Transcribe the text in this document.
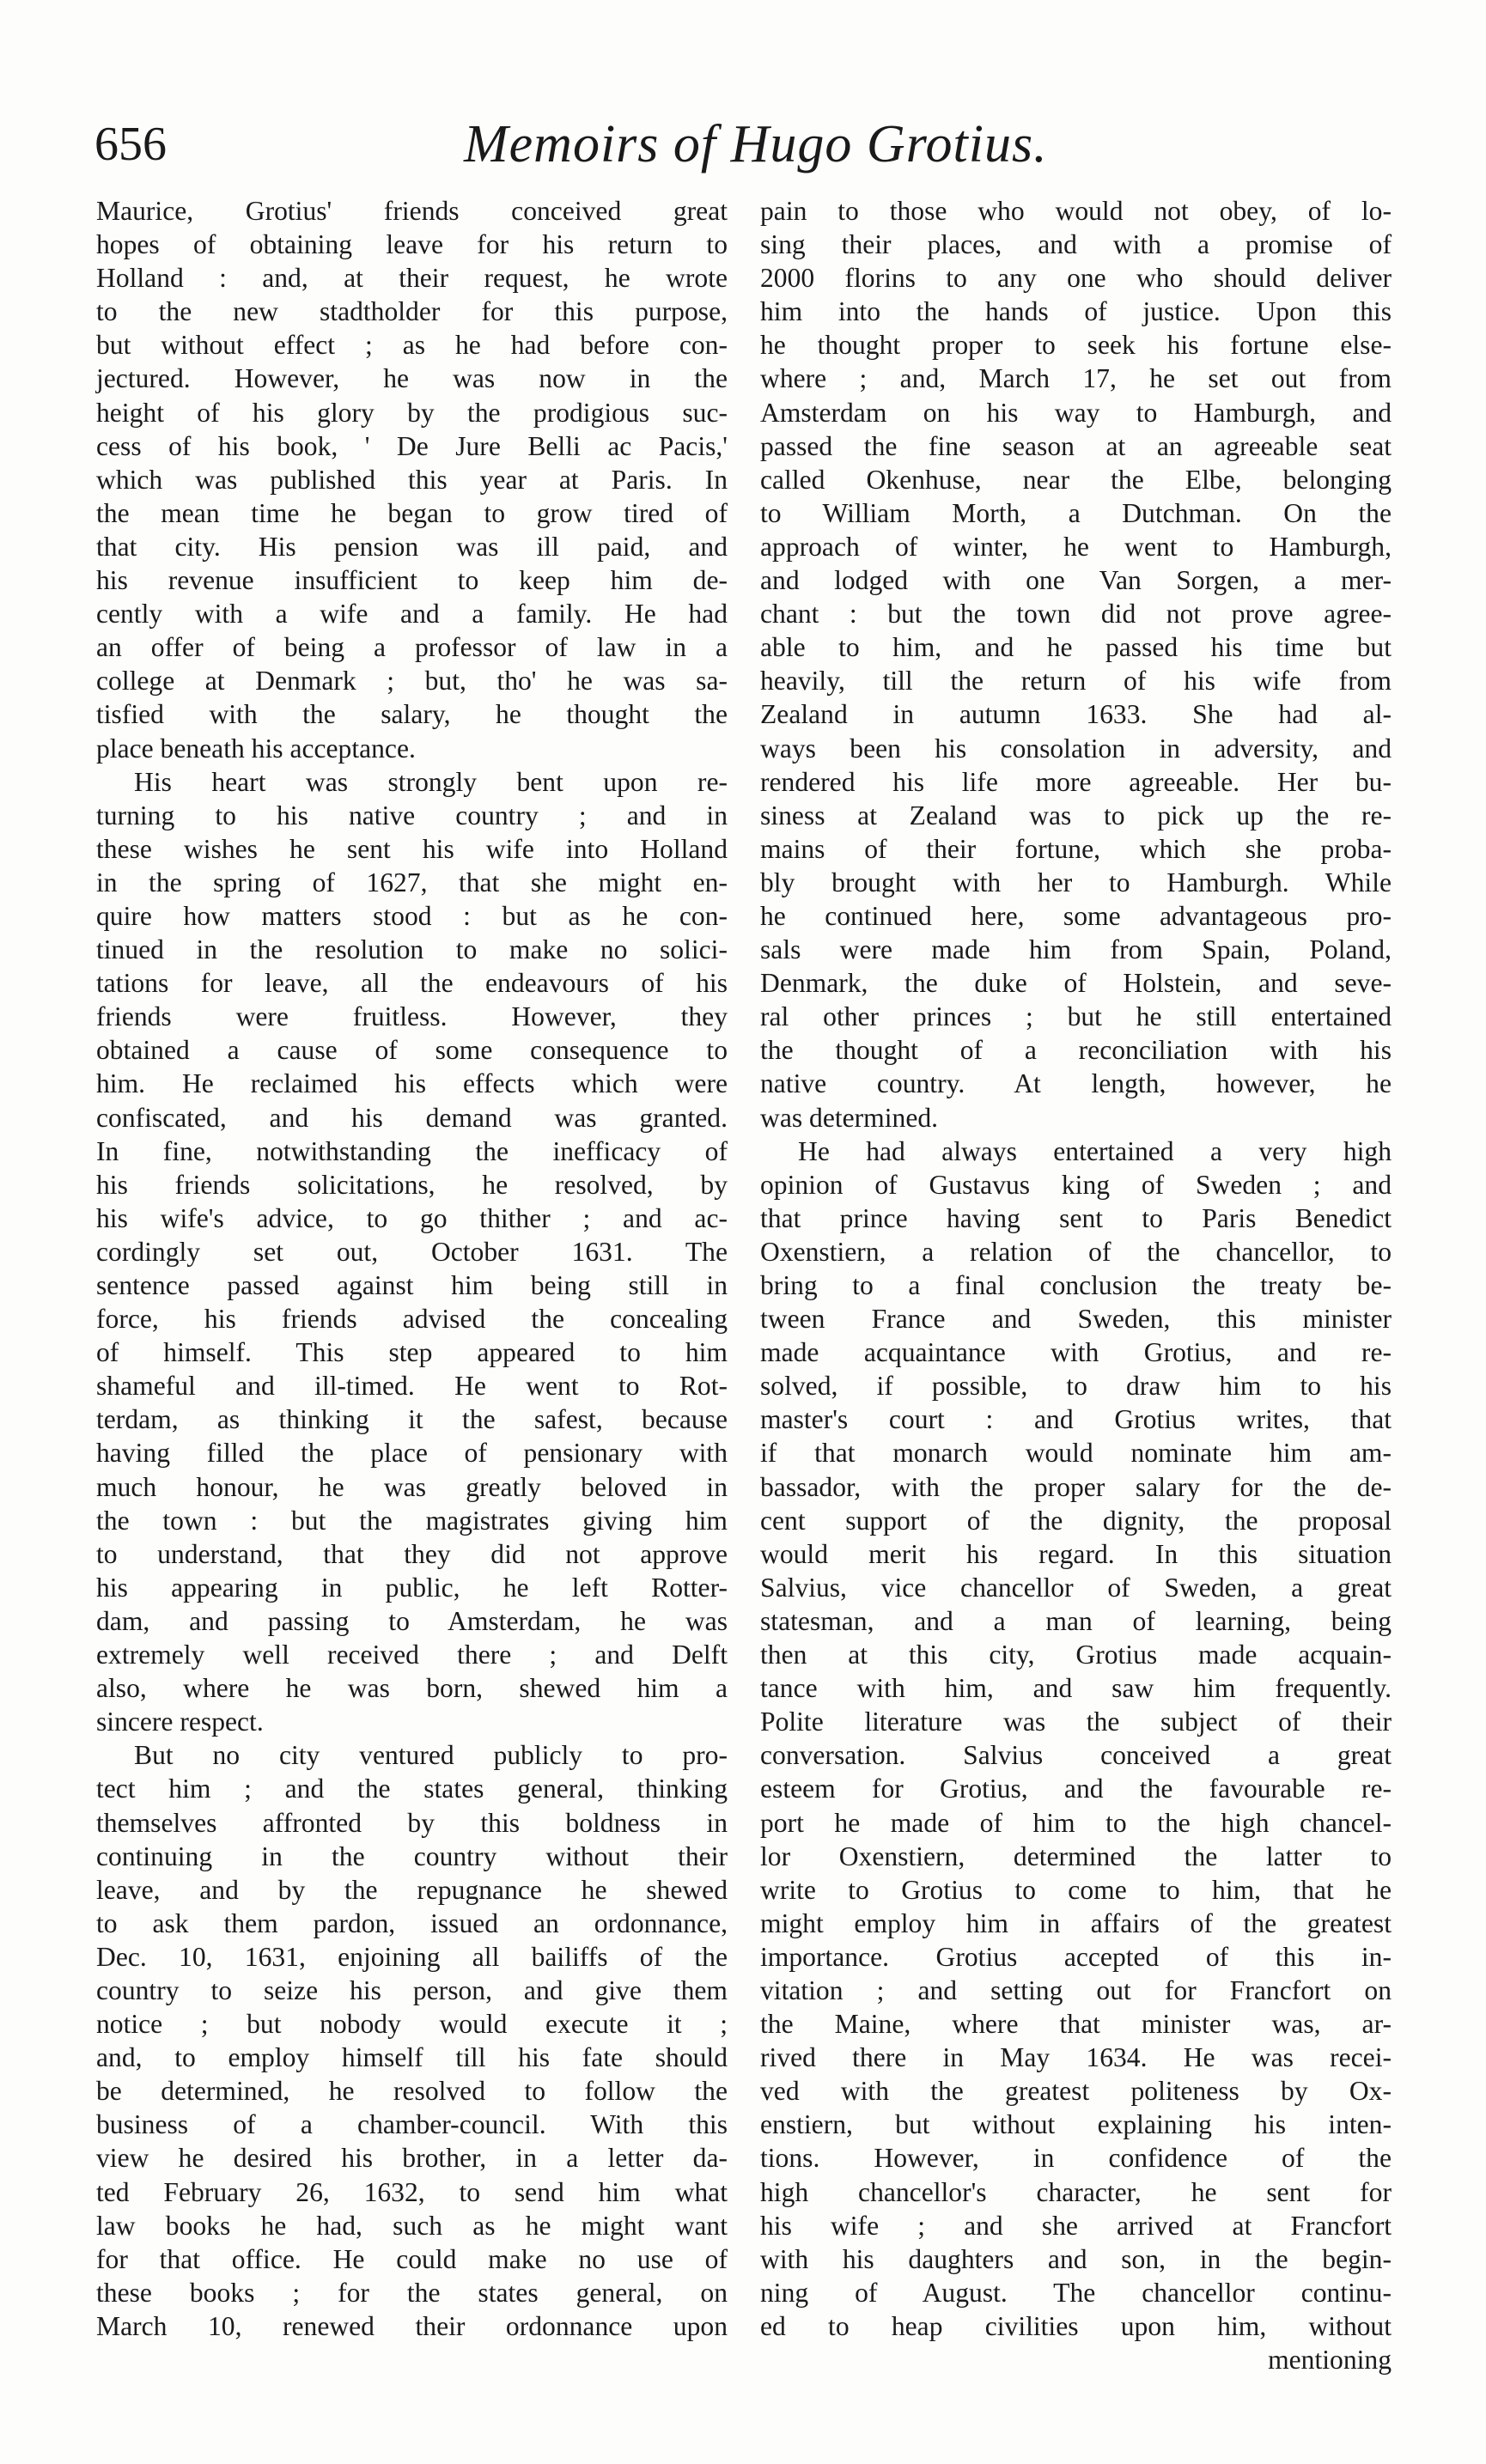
656	Memoirs of Hugo Grotius.
Maurice, Grotius' friends conceived great
hopes of obtaining leave for his return to
Holland : and, at their request, he wrote
to the new stadtholder for this purpose,
but without effect ; as he had before con-
jectured. However, he was now in the
height of his glory by the prodigious suc-
cess of his book, ' De Jure Belli ac Pacis,'
which was published this year at Paris. In
the mean time he began to grow tired of
that city. His pension was ill paid, and
his revenue insufficient to keep him de-
cently with a wife and a family. He had
an offer of being a professor of law in a
college at Denmark ; but, tho' he was sa-
tisfied with the salary, he thought the
place beneath his acceptance.
His heart was strongly bent upon re-
turning to his native country ; and in
these wishes he sent his wife into Holland
in the spring of 1627, that she might en-
quire how matters stood : but as he con-
tinued in the resolution to make no solici-
tations for leave, all the endeavours of his
friends were fruitless. However, they
obtained a cause of some consequence to
him. He reclaimed his effects which were
confiscated, and his demand was granted.
In fine, notwithstanding the inefficacy of
his friends solicitations, he resolved, by
his wife's advice, to go thither ; and ac-
cordingly set out, October 1631. The
sentence passed against him being still in
force, his friends advised the concealing
of himself. This step appeared to him
shameful and ill-timed. He went to Rot-
terdam, as thinking it the safest, because
having filled the place of pensionary with
much honour, he was greatly beloved in
the town : but the magistrates giving him
to understand, that they did not approve
his appearing in public, he left Rotter-
dam, and passing to Amsterdam, he was
extremely well received there ; and Delft
also, where he was born, shewed him a
sincere respect.
But no city ventured publicly to pro-
tect him ; and the states general, thinking
themselves affronted by this boldness in
continuing in the country without their
leave, and by the repugnance he shewed
to ask them pardon, issued an ordonnance,
Dec. 10, 1631, enjoining all bailiffs of the
country to seize his person, and give them
notice ; but nobody would execute it ;
and, to employ himself till his fate should
be determined, he resolved to follow the
business of a chamber-council. With this
view he desired his brother, in a letter da-
ted February 26, 1632, to send him what
law books he had, such as he might want
for that office. He could make no use of
these books ; for the states general, on
March 10, renewed their ordonnance upon
pain to those who would not obey, of lo-
sing their places, and with a promise of
2000 florins to any one who should deliver
him into the hands of justice. Upon this
he thought proper to seek his fortune else-
where ; and, March 17, he set out from
Amsterdam on his way to Hamburgh, and
passed the fine season at an agreeable seat
called Okenhuse, near the Elbe, belonging
to William Morth, a Dutchman. On the
approach of winter, he went to Hamburgh,
and lodged with one Van Sorgen, a mer-
chant : but the town did not prove agree-
able to him, and he passed his time but
heavily, till the return of his wife from
Zealand in autumn 1633. She had al-
ways been his consolation in adversity, and
rendered his life more agreeable. Her bu-
siness at Zealand was to pick up the re-
mains of their fortune, which she proba-
bly brought with her to Hamburgh. While
he continued here, some advantageous pro-
sals were made him from Spain, Poland,
Denmark, the duke of Holstein, and seve-
ral other princes ; but he still entertained
the thought of a reconciliation with his
native country. At length, however, he
was determined.
He had always entertained a very high
opinion of Gustavus king of Sweden ; and
that prince having sent to Paris Benedict
Oxenstiern, a relation of the chancellor, to
bring to a final conclusion the treaty be-
tween France and Sweden, this minister
made acquaintance with Grotius, and re-
solved, if possible, to draw him to his
master's court : and Grotius writes, that
if that monarch would nominate him am-
bassador, with the proper salary for the de-
cent support of the dignity, the proposal
would merit his regard. In this situation
Salvius, vice chancellor of Sweden, a great
statesman, and a man of learning, being
then at this city, Grotius made acquain-
tance with him, and saw him frequently.
Polite literature was the subject of their
conversation. Salvius conceived a great
esteem for Grotius, and the favourable re-
port he made of him to the high chancel-
lor Oxenstiern, determined the latter to
write to Grotius to come to him, that he
might employ him in affairs of the greatest
importance. Grotius accepted of this in-
vitation ; and setting out for Francfort on
the Maine, where that minister was, ar-
rived there in May 1634. He was recei-
ved with the greatest politeness by Ox-
enstiern, but without explaining his inten-
tions. However, in confidence of the
high chancellor's character, he sent for
his wife ; and she arrived at Francfort
with his daughters and son, in the begin-
ning of August. The chancellor continu-
ed to heap civilities upon him, without
mentioning
